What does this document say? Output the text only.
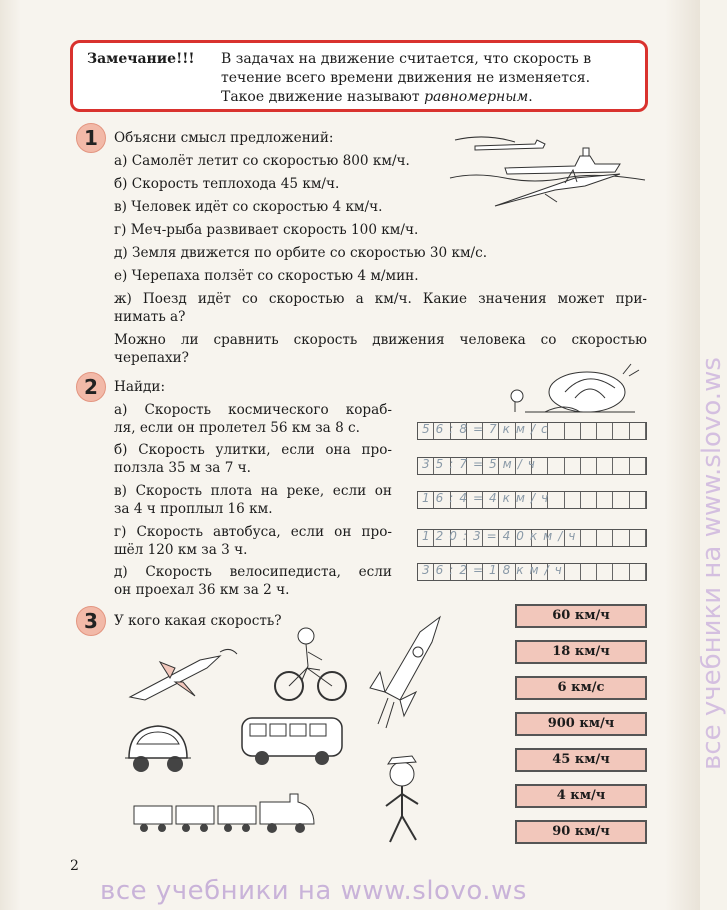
Замечание!!! В задачах на движение считается, что скорость в течение всего времени движения не изменяется. Такое движение называют равномерным.
1	Объясни смысл предложений:
а) Самолёт летит со скоростью 800 км/ч.
б) Скорость теплохода 45 км/ч.
в) Человек идёт со скоростью 4 км/ч.
г) Меч-рыба развивает скорость 100 км/ч.
д) Земля движется по орбите со скоростью 30 км/с.
е) Черепаха ползёт со скоростью 4 м/мин.
ж) Поезд идёт со скоростью а км/ч. Какие значения может при-
нимать а?
Можно ли сравнить скорость движения человека со скоростью
черепахи?
2	Найди:
а) Скорость космического кораб-
ля, если он пролетел 56 км за 8 с.
б) Скорость улитки, если она про-
ползла 35 м за 7 ч.
в) Скорость плота на реке, если он
за 4 ч проплыл 16 км.
г) Скорость автобуса, если он про-
шёл 120 км за 3 ч.
д) Скорость велосипедиста, если
он проехал 36 км за 2 ч.
56:8=7км/с
35:7=5м/ч
16:4=4км/ч
120:3=40км/ч
36:2=18км/ч
3	У кого какая скорость?	60 км/ч
18 км/ч
6 км/с
900 км/ч
45 км/ч
4 км/ч
90 км/ч
2
все учебники на www.slovo.ws
все учебники на www.slovo.ws
